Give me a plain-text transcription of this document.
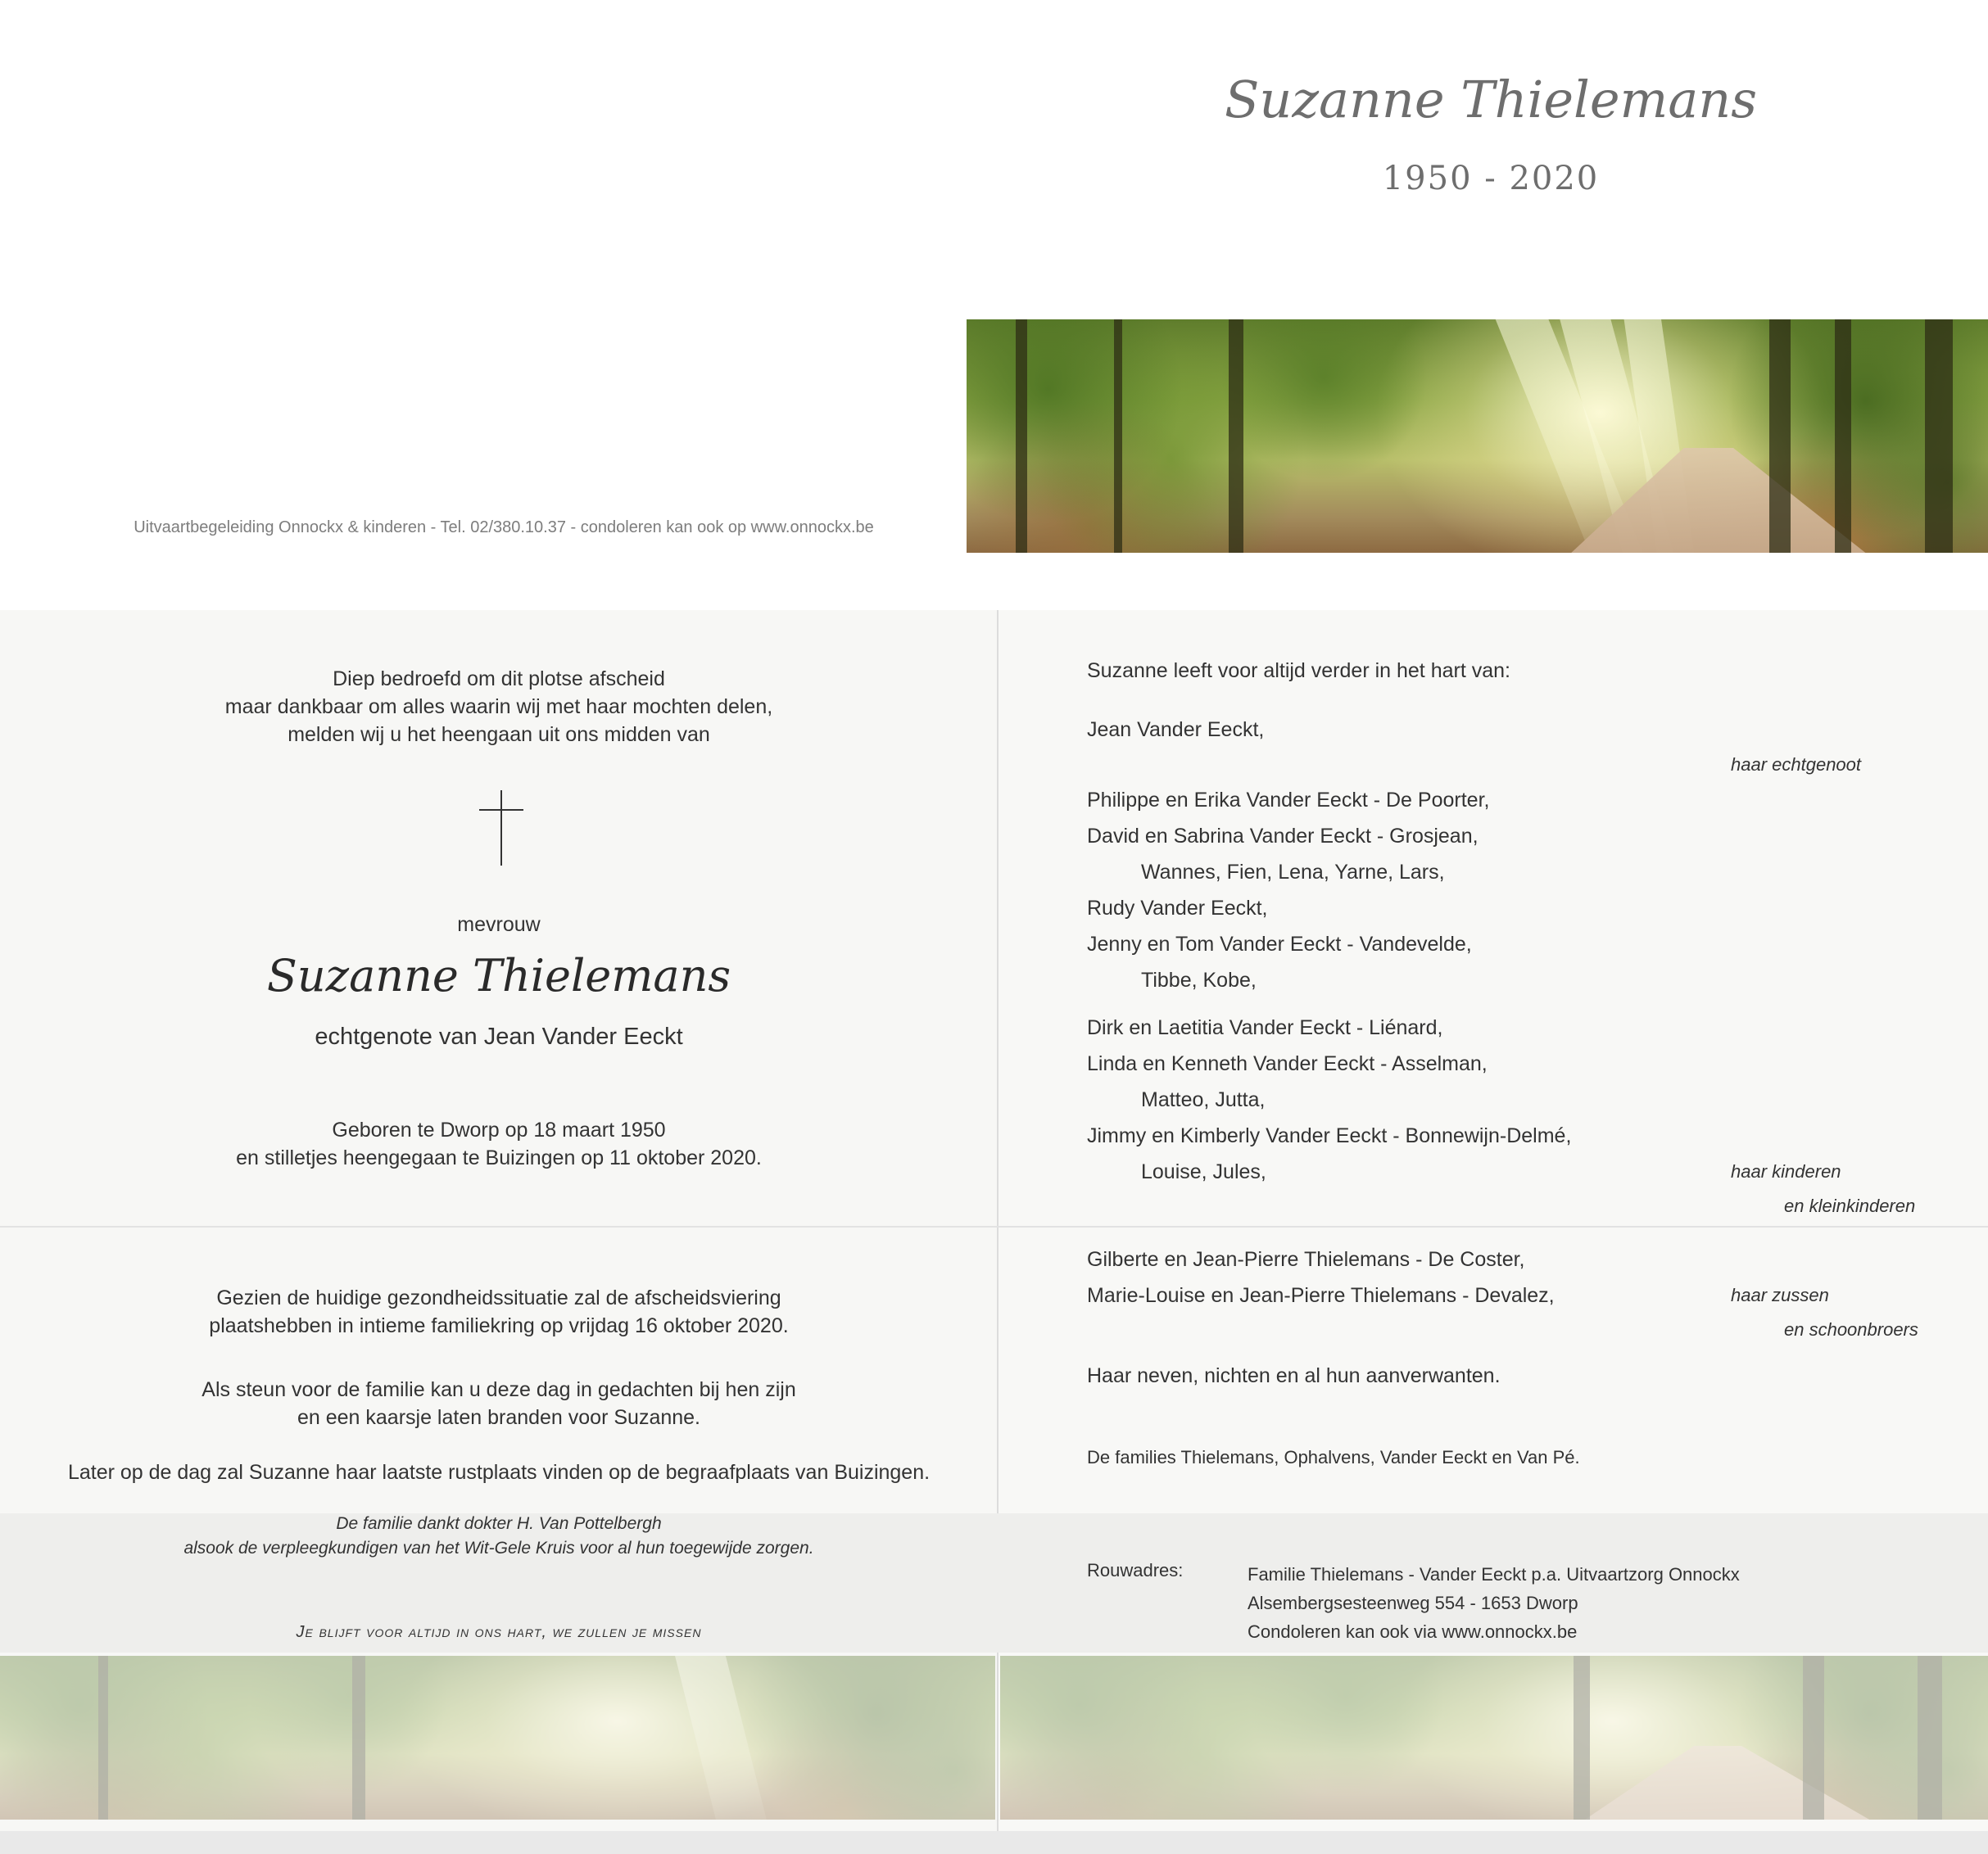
Suzanne Thielemans
1950 - 2020
Uitvaartbegeleiding Onnockx & kinderen - Tel. 02/380.10.37 - condoleren kan ook op www.onnockx.be
Diep bedroefd om dit plotse afscheid
maar dankbaar om alles waarin wij met haar mochten delen,
melden wij u het heengaan uit ons midden van
mevrouw
Suzanne Thielemans
echtgenote van Jean Vander Eeckt
Geboren te Dworp op 18 maart 1950
en stilletjes heengegaan te Buizingen op 11 oktober 2020.
Gezien de huidige gezondheidssituatie zal de afscheidsviering
plaatshebben in intieme familiekring op vrijdag 16 oktober 2020.
Als steun voor de familie kan u deze dag in gedachten bij hen zijn
en een kaarsje laten branden voor Suzanne.
Later op de dag zal Suzanne haar laatste rustplaats vinden op de begraafplaats van Buizingen.
De familie dankt dokter H. Van Pottelbergh
alsook de verpleegkundigen van het Wit-Gele Kruis voor al hun toegewijde zorgen.
Je blijft voor altijd in ons hart, we zullen je missen
Suzanne leeft voor altijd verder in het hart van:
Jean Vander Eeckt,
haar echtgenoot
Philippe en Erika Vander Eeckt - De Poorter,
David en Sabrina Vander Eeckt - Grosjean,
Wannes, Fien, Lena, Yarne, Lars,
Rudy Vander Eeckt,
Jenny en Tom Vander Eeckt - Vandevelde,
Tibbe, Kobe,
Dirk en Laetitia Vander Eeckt - Liénard,
Linda en Kenneth Vander Eeckt - Asselman,
Matteo, Jutta,
Jimmy en Kimberly Vander Eeckt - Bonnewijn-Delmé,
Louise, Jules,	haar kinderen
en kleinkinderen
Gilberte en Jean-Pierre Thielemans - De Coster,
Marie-Louise en Jean-Pierre Thielemans - Devalez,	haar zussen
en schoonbroers
Haar neven, nichten en al hun aanverwanten.
De families Thielemans, Ophalvens, Vander Eeckt en Van Pé.
Rouwadres:	Familie Thielemans - Vander Eeckt p.a. Uitvaartzorg Onnockx
Alsembergsesteenweg 554 - 1653 Dworp
Condoleren kan ook via www.onnockx.be
